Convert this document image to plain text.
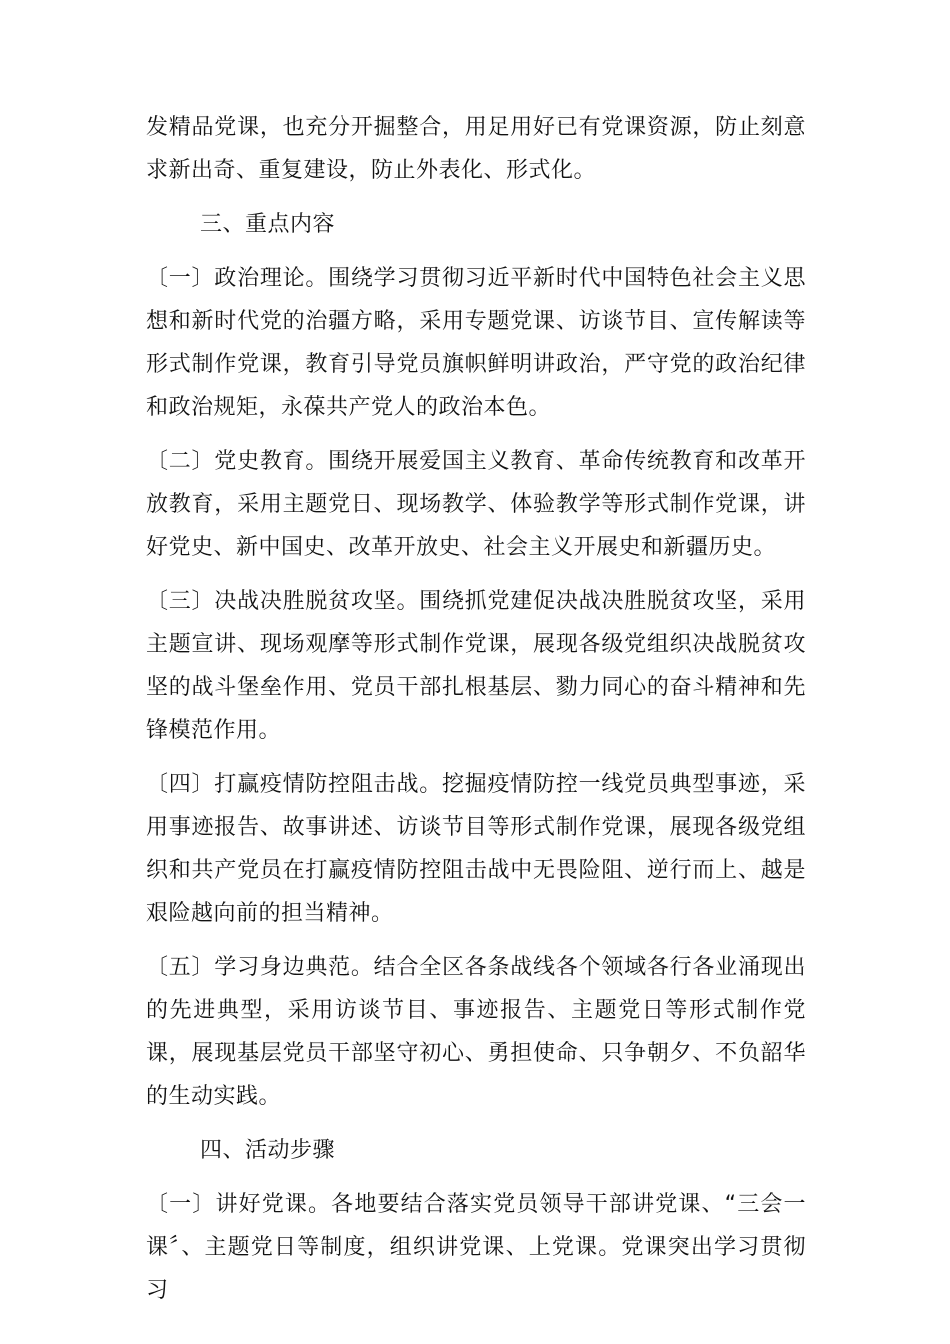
发精品党课，也充分开掘整合，用足用好已有党课资源，防止刻意求新出奇、重复建设，防止外表化、形式化。

三、重点内容

〔一〕政治理论。围绕学习贯彻习近平新时代中国特色社会主义思想和新时代党的治疆方略，采用专题党课、访谈节目、宣传解读等形式制作党课，教育引导党员旗帜鲜明讲政治，严守党的政治纪律和政治规矩，永葆共产党人的政治本色。

〔二〕党史教育。围绕开展爱国主义教育、革命传统教育和改革开放教育，采用主题党日、现场教学、体验教学等形式制作党课，讲好党史、新中国史、改革开放史、社会主义开展史和新疆历史。

〔三〕决战决胜脱贫攻坚。围绕抓党建促决战决胜脱贫攻坚，采用主题宣讲、现场观摩等形式制作党课，展现各级党组织决战脱贫攻坚的战斗堡垒作用、党员干部扎根基层、勠力同心的奋斗精神和先锋模范作用。

〔四〕打赢疫情防控阻击战。挖掘疫情防控一线党员典型事迹，采用事迹报告、故事讲述、访谈节目等形式制作党课，展现各级党组织和共产党员在打赢疫情防控阻击战中无畏险阻、逆行而上、越是艰险越向前的担当精神。

〔五〕学习身边典范。结合全区各条战线各个领域各行各业涌现出的先进典型，采用访谈节目、事迹报告、主题党日等形式制作党课，展现基层党员干部坚守初心、勇担使命、只争朝夕、不负韶华的生动实践。

四、活动步骤

〔一〕讲好党课。各地要结合落实党员领导干部讲党课、“三会一课〞、主题党日等制度，组织讲党课、上党课。党课突出学习贯彻习
